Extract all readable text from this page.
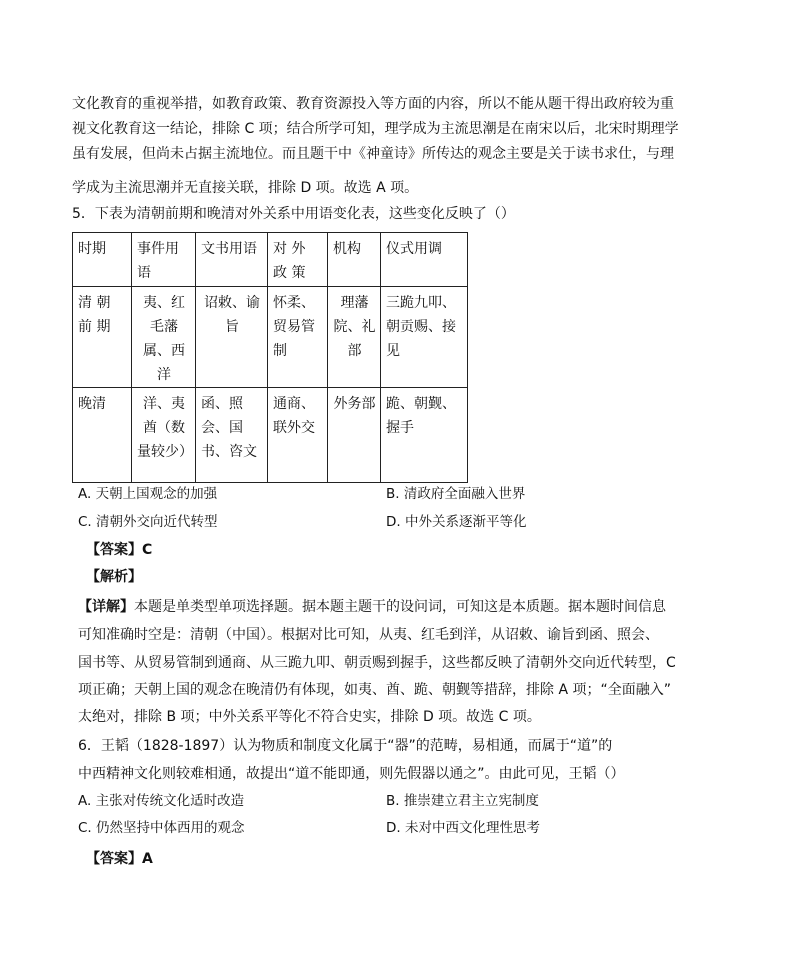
文化教育的重视举措，如教育政策、教育资源投入等方面的内容，所以不能从题干得出政府较为重
视文化教育这一结论，排除 C 项；结合所学可知，理学成为主流思潮是在南宋以后，北宋时期理学
虽有发展，但尚未占据主流地位。而且题干中《神童诗》所传达的观念主要是关于读书求仕，与理
学成为主流思潮并无直接关联，排除 D 项。故选 A 项。
5．下表为清朝前期和晚清对外关系中用语变化表，这些变化反映了（）
时期	事件用语	文书用语	对 外 政 策	机构	仪式用调

清 朝 前 期	夷、红毛藩属、西洋	诏敕、谕旨	怀柔、贸易管制	理藩院、礼部	三跪九叩、朝贡赐、接见

晚清	洋、夷酋（数量较少）	函、照会、国书、咨文	通商、联外交	外务部	跪、朝觐、握手
A. 天朝上国观念的加强	B. 清政府全面融入世界
C. 清朝外交向近代转型	D. 中外关系逐渐平等化
【答案】C
【解析】
【详解】本题是单类型单项选择题。据本题主题干的设问词，可知这是本质题。据本题时间信息
可知准确时空是：清朝（中国）。根据对比可知，从夷、红毛到洋，从诏敕、谕旨到函、照会、
国书等、从贸易管制到通商、从三跪九叩、朝贡赐到握手，这些都反映了清朝外交向近代转型，C
项正确；天朝上国的观念在晚清仍有体现，如夷、酋、跪、朝觐等措辞，排除 A 项；“全面融入”
太绝对，排除 B 项；中外关系平等化不符合史实，排除 D 项。故选 C 项。
6．王韬（1828-1897）认为物质和制度文化属于“器”的范畴，易相通，而属于“道”的
中西精神文化则较难相通，故提出“道不能即通，则先假器以通之”。由此可见，王韬（）
A. 主张对传统文化适时改造	B. 推崇建立君主立宪制度
C. 仍然坚持中体西用的观念	D. 未对中西文化理性思考
【答案】A
